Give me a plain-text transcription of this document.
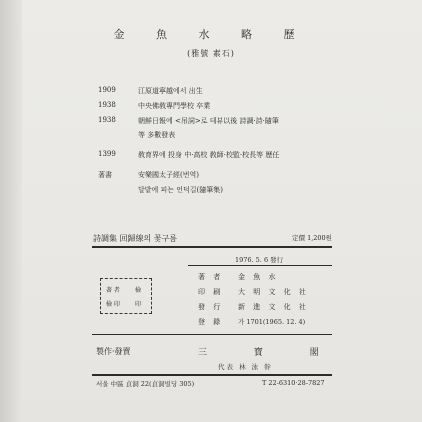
金 魚 水 略 歷
(雅號 素石)
1909	江原道寧越에서 出生
1938	中央佛敎專門學校 卒業
1938	朝鮮日報에 <吊詞>로 데뷰以後 詩調·詩·隨筆
等 多數發表
1399	敎育界에 投身 中·高校 敎師·校監·校長等 歷任
著書	安樂國太子經(번역)
달밭에 피는 언덕길(隨筆集)
詩調集 回歸線의 꽃구름	定價 1,200원
1976. 5. 6 發行
著 者	檢
檢 印	印
著 者 金 魚 水
印 刷 大 明 文 化 社
發 行 新 進 文 化 社
登 錄 가 1701(1965. 12. 4)
製作·發賣	三 寶 閣
代表 林 泳 幹
서울 中區 貞洞 22(貞洞빌딩 305)	T 22-6310·28-7827
